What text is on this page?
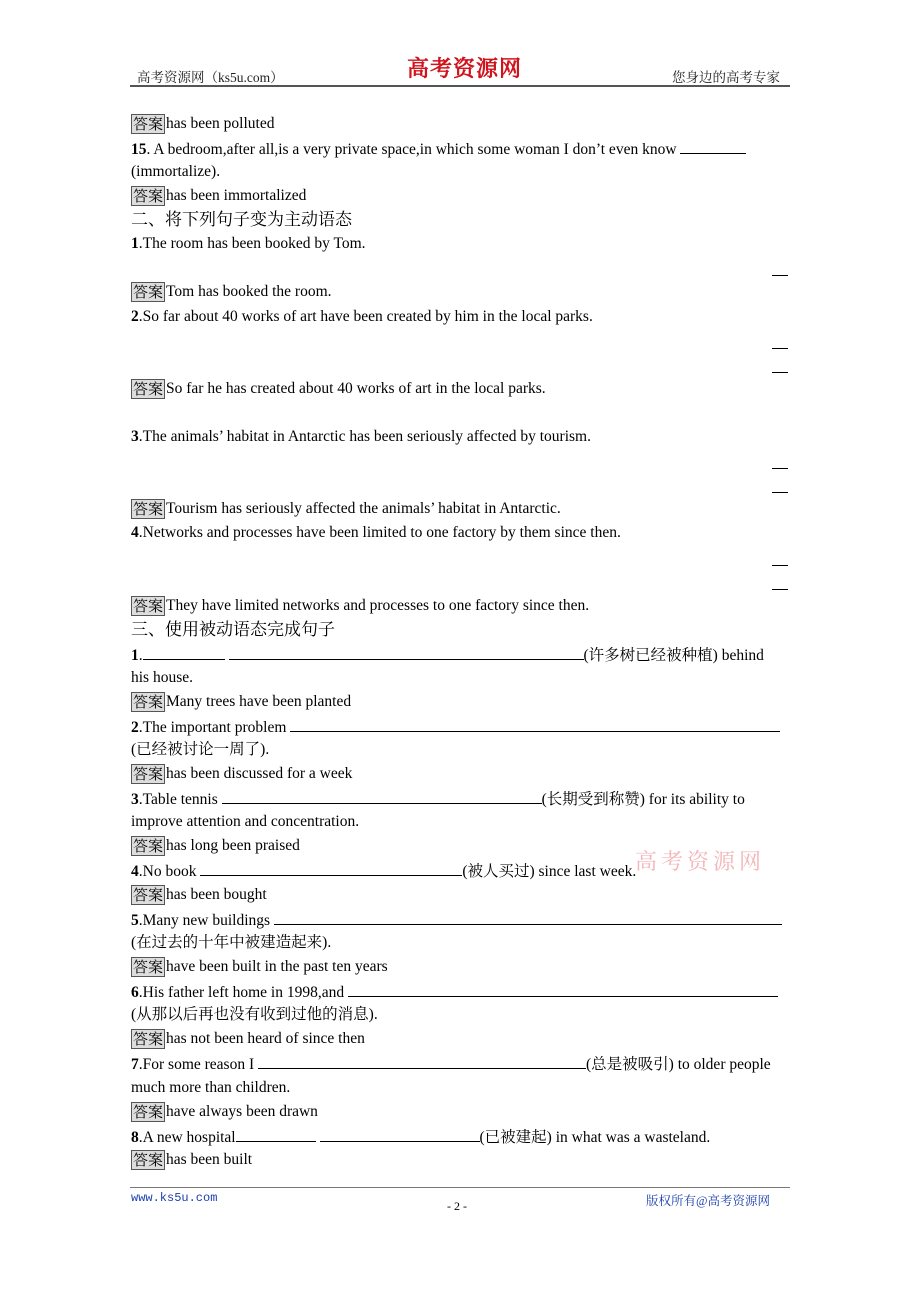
高考资源网（ks5u.com）	高考资源网	您身边的高考专家
答案 has been polluted
15. A bedroom,after all,is a very private space,in which some woman I don’t even know
(immortalize).
答案 has been immortalized
二、将下列句子变为主动语态
1.The room has been booked by Tom.
答案 Tom has booked the room.
2.So far about 40 works of art have been created by him in the local parks.
答案 So far he has created about 40 works of art in the local parks.
3.The animals’ habitat in Antarctic has been seriously affected by tourism.
答案 Tourism has seriously affected the animals’ habitat in Antarctic.
4.Networks and processes have been limited to one factory by them since then.
答案 They have limited networks and processes to one factory since then.
三、使用被动语态完成句子
1.	(许多树已经被种植) behind
his house.
答案 Many trees have been planted
2.The important problem
(已经被讨论一周了).
答案 has been discussed for a week
3.Table tennis	(长期受到称赞) for its ability to
improve attention and concentration.
答案 has long been praised
高考资源网
4.No book	(被人买过) since last week.
答案 has been bought
5.Many new buildings
(在过去的十年中被建造起来).
答案 have been built in the past ten years
6.His father left home in 1998,and
(从那以后再也没有收到过他的消息).
答案 has not been heard of since then
7.For some reason I	(总是被吸引) to older people
much more than children.
答案 have always been drawn
8.A new hospital	(已被建起) in what was a wasteland.
答案 has been built
www.ks5u.com
- 2 -	版权所有@高考资源网
